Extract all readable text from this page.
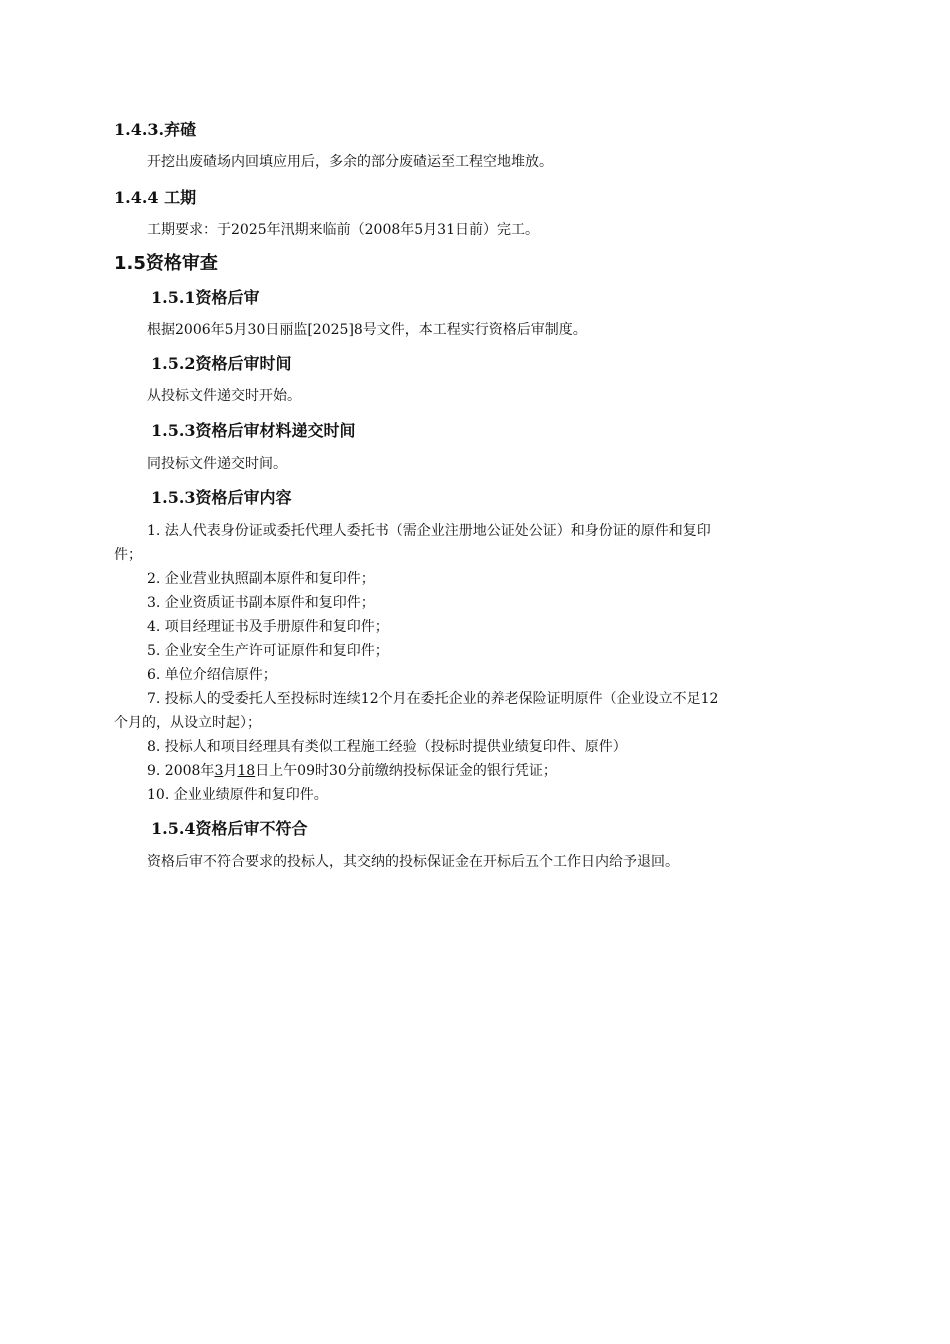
1.4.3.弃碴
开挖出废碴场内回填应用后，多余的部分废碴运至工程空地堆放。
1.4.4 工期
工期要求：于2025年汛期来临前（2008年5月31日前）完工。
1.5资格审查
1.5.1资格后审
根据2006年5月30日丽监[2025]8号文件，本工程实行资格后审制度。
1.5.2资格后审时间
从投标文件递交时开始。
1.5.3资格后审材料递交时间
同投标文件递交时间。
1.5.3资格后审内容
1. 法人代表身份证或委托代理人委托书（需企业注册地公证处公证）和身份证的原件和复印
件；
2. 企业营业执照副本原件和复印件；
3. 企业资质证书副本原件和复印件；
4. 项目经理证书及手册原件和复印件；
5. 企业安全生产许可证原件和复印件；
6. 单位介绍信原件；
7. 投标人的受委托人至投标时连续12个月在委托企业的养老保险证明原件（企业设立不足12
个月的，从设立时起）；
8. 投标人和项目经理具有类似工程施工经验（投标时提供业绩复印件、原件）
9. 2008年3月18日上午09时30分前缴纳投标保证金的银行凭证；
10. 企业业绩原件和复印件。
1.5.4资格后审不符合
资格后审不符合要求的投标人，其交纳的投标保证金在开标后五个工作日内给予退回。
